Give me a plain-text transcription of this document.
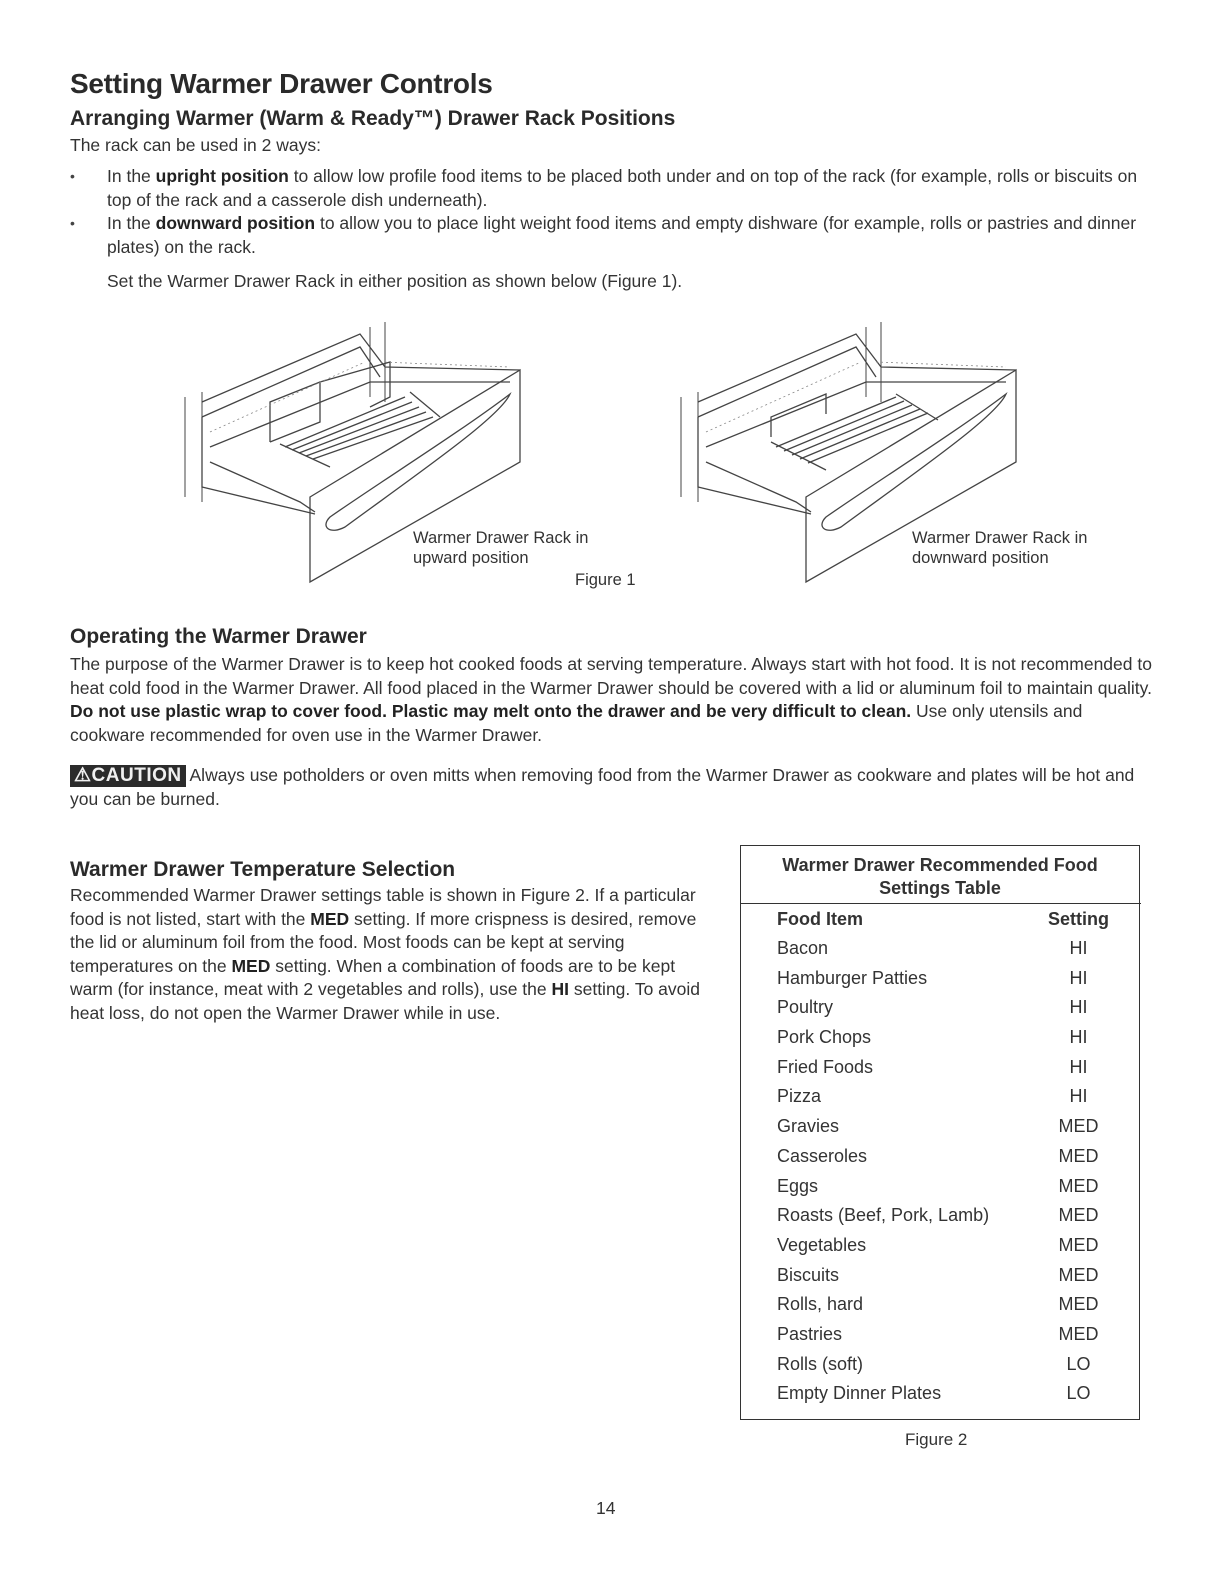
Setting Warmer Drawer Controls
Arranging Warmer (Warm & Ready™) Drawer Rack Positions
The rack can be used in 2 ways:
• In the upright position to allow low profile food items to be placed both under and on top of the rack (for example, rolls or biscuits on top of the rack and a casserole dish underneath).
• In the downward position to allow you to place light weight food items and empty dishware (for example, rolls or pastries and dinner plates) on the rack.
Set the Warmer Drawer Rack in either position as shown below (Figure 1).
Warmer Drawer Rack in
upward position
Warmer Drawer Rack in
downward position
Figure 1
Operating the Warmer Drawer
The purpose of the Warmer Drawer is to keep hot cooked foods at serving temperature. Always start with hot food. It is not recommended to heat cold food in the Warmer Drawer. All food placed in the Warmer Drawer should be covered with a lid or aluminum foil to maintain quality. Do not use plastic wrap to cover food. Plastic may melt onto the drawer and be very difficult to clean. Use only utensils and cookware recommended for oven use in the Warmer Drawer.
⚠CAUTION Always use potholders or oven mitts when removing food from the Warmer Drawer as cookware and plates will be hot and you can be burned.
Warmer Drawer Temperature Selection
Recommended Warmer Drawer settings table is shown in Figure 2. If a particular food is not listed, start with the MED setting. If more crispness is desired, remove the lid or aluminum foil from the food. Most foods can be kept at serving temperatures on the MED setting. When a combination of foods are to be kept warm (for instance, meat with 2 vegetables and rolls), use the HI setting. To avoid heat loss, do not open the Warmer Drawer while in use.
Warmer Drawer Recommended Food
Settings Table
Food Item	Setting
Bacon	HI
Hamburger Patties	HI
Poultry	HI
Pork Chops	HI
Fried Foods	HI
Pizza	HI
Gravies	MED
Casseroles	MED
Eggs	MED
Roasts (Beef, Pork, Lamb)	MED
Vegetables	MED
Biscuits	MED
Rolls, hard	MED
Pastries	MED
Rolls (soft)	LO
Empty Dinner Plates	LO
Figure 2
14
